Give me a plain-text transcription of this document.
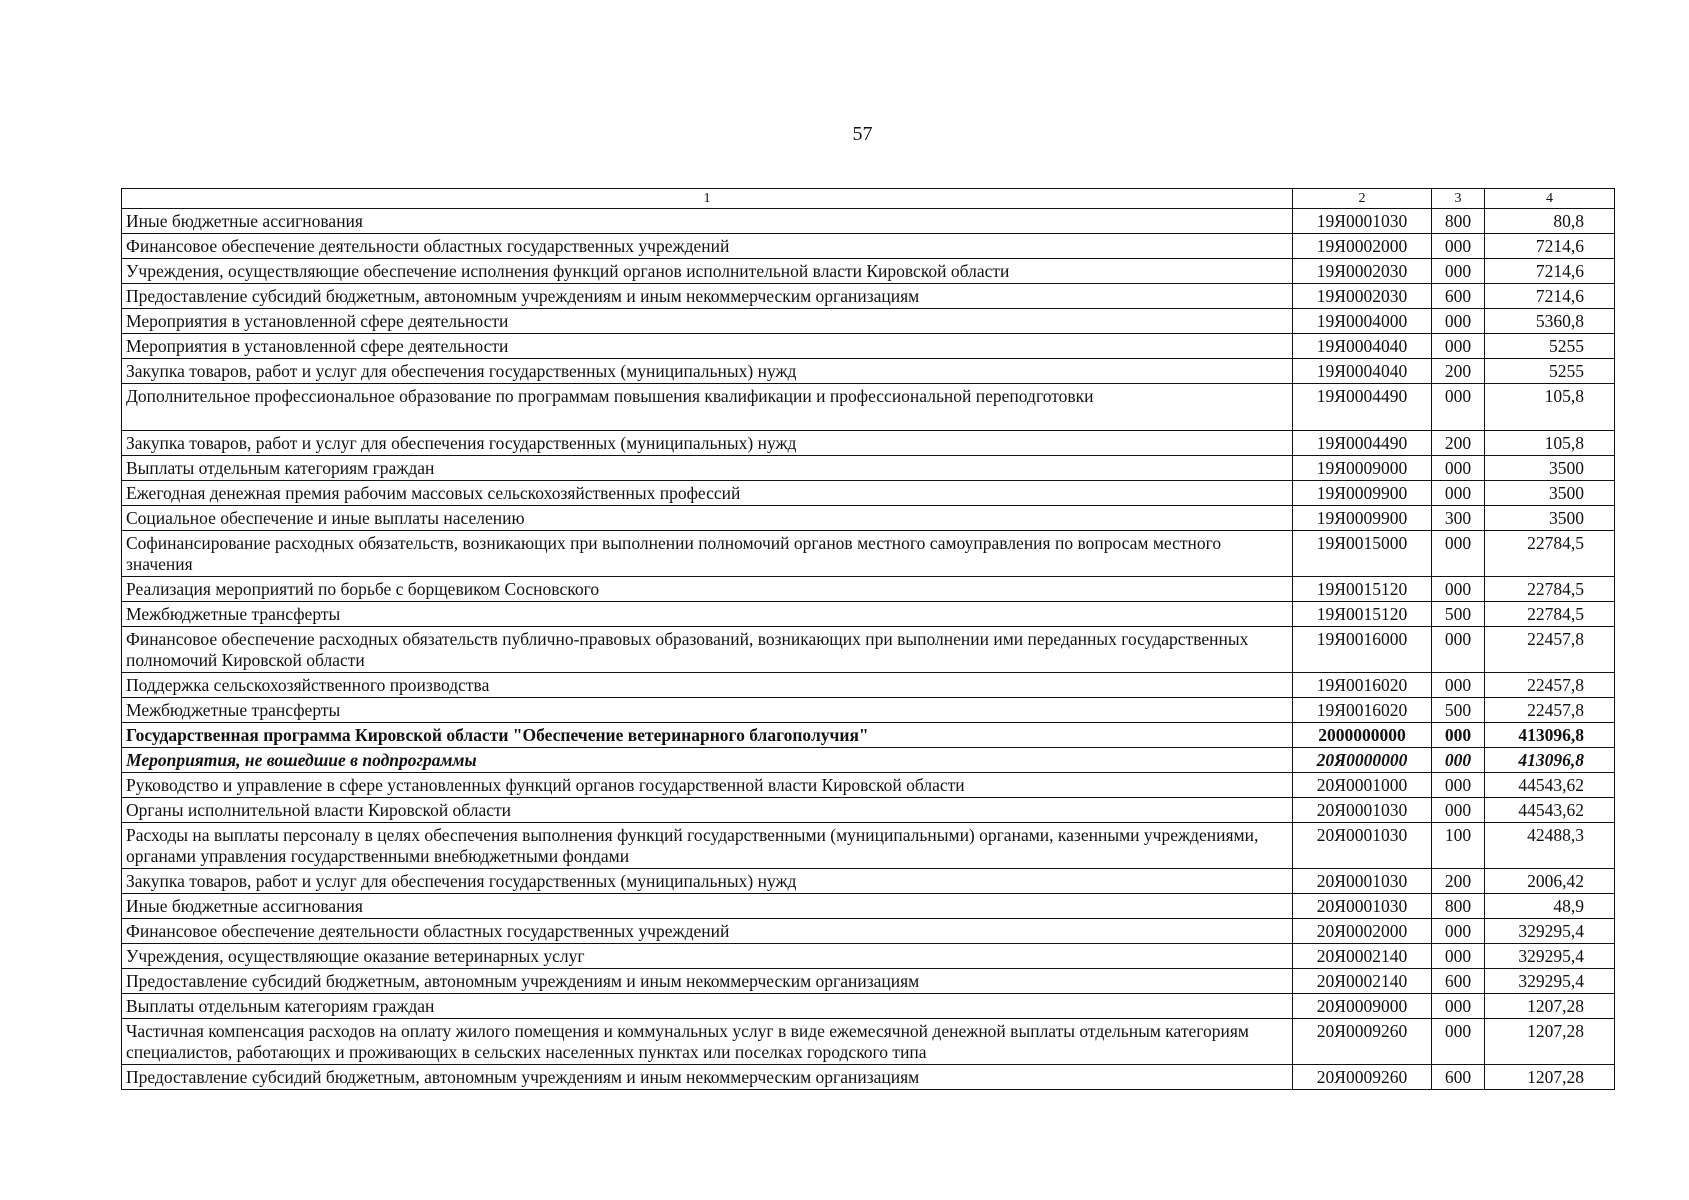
57
1	2	3	4
Иные бюджетные ассигнования	19Я0001030	800	80,8
Финансовое обеспечение деятельности областных государственных учреждений	19Я0002000	000	7214,6
Учреждения, осуществляющие обеспечение исполнения функций органов исполнительной власти Кировской области	19Я0002030	000	7214,6
Предоставление субсидий бюджетным, автономным учреждениям и иным некоммерческим организациям	19Я0002030	600	7214,6
Мероприятия в установленной сфере деятельности	19Я0004000	000	5360,8
Мероприятия в установленной сфере деятельности	19Я0004040	000	5255
Закупка товаров, работ и услуг для обеспечения государственных (муниципальных) нужд	19Я0004040	200	5255
Дополнительное профессиональное образование по программам повышения квалификации и профессиональной переподготовки	19Я0004490	000	105,8
Закупка товаров, работ и услуг для обеспечения государственных (муниципальных) нужд	19Я0004490	200	105,8
Выплаты отдельным категориям граждан	19Я0009000	000	3500
Ежегодная денежная премия рабочим массовых сельскохозяйственных профессий	19Я0009900	000	3500
Социальное обеспечение и иные выплаты населению	19Я0009900	300	3500
Софинансирование расходных обязательств, возникающих при выполнении полномочий органов местного самоуправления по вопросам местного значения	19Я0015000	000	22784,5
Реализация мероприятий по борьбе с борщевиком Сосновского	19Я0015120	000	22784,5
Межбюджетные трансферты	19Я0015120	500	22784,5
Финансовое обеспечение расходных обязательств публично-правовых образований, возникающих при выполнении ими переданных государственных полномочий Кировской области	19Я0016000	000	22457,8
Поддержка сельскохозяйственного производства	19Я0016020	000	22457,8
Межбюджетные трансферты	19Я0016020	500	22457,8
Государственная программа Кировской области "Обеспечение ветеринарного благополучия"	2000000000	000	413096,8
Мероприятия, не вошедшие в подпрограммы	20Я0000000	000	413096,8
Руководство и управление в сфере установленных функций органов государственной власти Кировской области	20Я0001000	000	44543,62
Органы исполнительной власти Кировской области	20Я0001030	000	44543,62
Расходы на выплаты персоналу в целях обеспечения выполнения функций государственными (муниципальными) органами, казенными учреждениями, органами управления государственными внебюджетными фондами	20Я0001030	100	42488,3
Закупка товаров, работ и услуг для обеспечения государственных (муниципальных) нужд	20Я0001030	200	2006,42
Иные бюджетные ассигнования	20Я0001030	800	48,9
Финансовое обеспечение деятельности областных государственных учреждений	20Я0002000	000	329295,4
Учреждения, осуществляющие оказание ветеринарных услуг	20Я0002140	000	329295,4
Предоставление субсидий бюджетным, автономным учреждениям и иным некоммерческим организациям	20Я0002140	600	329295,4
Выплаты отдельным категориям граждан	20Я0009000	000	1207,28
Частичная компенсация расходов на оплату жилого помещения и коммунальных услуг в виде ежемесячной денежной выплаты отдельным категориям специалистов, работающих и проживающих в сельских населенных пунктах или поселках городского типа	20Я0009260	000	1207,28
Предоставление субсидий бюджетным, автономным учреждениям и иным некоммерческим организациям	20Я0009260	600	1207,28
